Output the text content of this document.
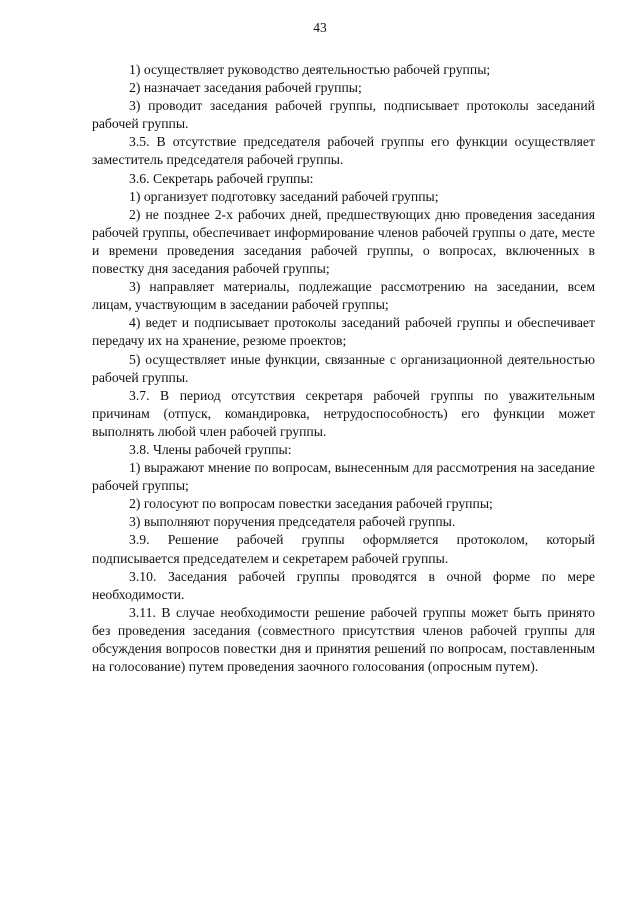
43

1) осуществляет руководство деятельностью рабочей группы;

2) назначает заседания рабочей группы;

3) проводит заседания рабочей группы, подписывает протоколы заседаний рабочей группы.

3.5. В отсутствие председателя рабочей группы его функции осуществляет заместитель председателя рабочей группы.

3.6. Секретарь рабочей группы:

1) организует подготовку заседаний рабочей группы;

2) не позднее 2-х рабочих дней, предшествующих дню проведения заседания рабочей группы, обеспечивает информирование членов рабочей группы о дате, месте и времени проведения заседания рабочей группы, о вопросах, включенных в повестку дня заседания рабочей группы;

3) направляет материалы, подлежащие рассмотрению на заседании, всем лицам, участвующим в заседании рабочей группы;

4) ведет и подписывает протоколы заседаний рабочей группы и обеспечивает передачу их на хранение, резюме проектов;

5) осуществляет иные функции, связанные с организационной деятельностью рабочей группы.

3.7. В период отсутствия секретаря рабочей группы по уважительным причинам (отпуск, командировка, нетрудоспособность) его функции может выполнять любой член рабочей группы.

3.8. Члены рабочей группы:

1) выражают мнение по вопросам, вынесенным для рассмотрения на заседание рабочей группы;

2) голосуют по вопросам повестки заседания рабочей группы;

3) выполняют поручения председателя рабочей группы.

3.9. Решение рабочей группы оформляется протоколом, который подписывается председателем и секретарем рабочей группы.

3.10. Заседания рабочей группы проводятся в очной форме по мере необходимости.

3.11. В случае необходимости решение рабочей группы может быть принято без проведения заседания (совместного присутствия членов рабочей группы для обсуждения вопросов повестки дня и принятия решений по вопросам, поставленным на голосование) путем проведения заочного голосования (опросным путем).
